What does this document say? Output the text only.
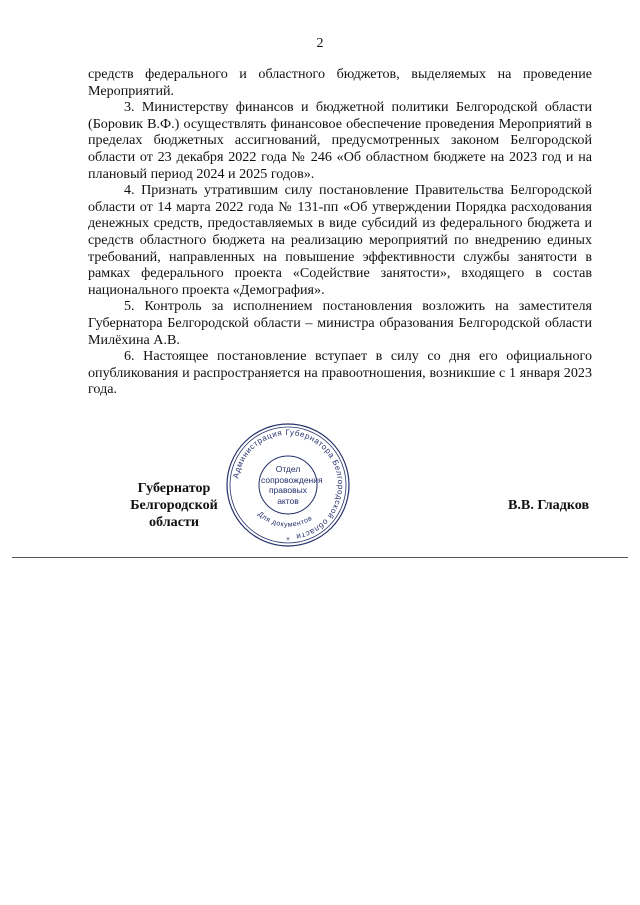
2

средств федерального и областного бюджетов, выделяемых на проведение Мероприятий.

3. Министерству финансов и бюджетной политики Белгородской области (Боровик В.Ф.) осуществлять финансовое обеспечение проведения Мероприятий в пределах бюджетных ассигнований, предусмотренных законом Белгородской области от 23 декабря 2022 года № 246 «Об областном бюджете на 2023 год и на плановый период 2024 и 2025 годов».

4. Признать утратившим силу постановление Правительства Белгородской области от 14 марта 2022 года № 131-пп «Об утверждении Порядка расходования денежных средств, предоставляемых в виде субсидий из федерального бюджета и средств областного бюджета на реализацию мероприятий по внедрению единых требований, направленных на повышение эффективности службы занятости в рамках федерального проекта «Содействие занятости», входящего в состав национального проекта «Демография».

5. Контроль за исполнением постановления возложить на заместителя Губернатора Белгородской области – министра образования Белгородской области Милёхина А.В.

6. Настоящее постановление вступает в силу со дня его официального опубликования и распространяется на правоотношения, возникшие с 1 января 2023 года.

Администрация Губернатора Белгородской области
Для документов
*
Отдел
сопровождения
правовых
актов
Губернатор
Белгородской области
В.В. Гладков
